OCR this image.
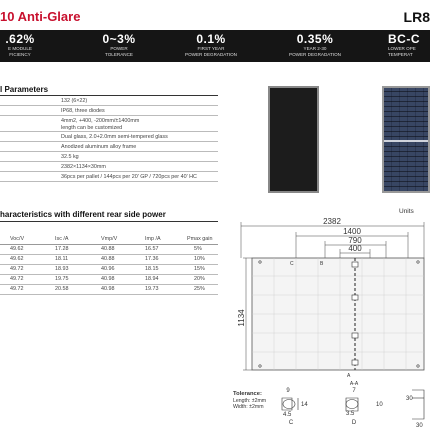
10 Anti-Glare	LR8
.62%
E MODULE
FICIENCY
0~3%
POWER
TOLERANCE
0.1%
FIRST YEAR
POWER DEGRADATION
0.35%
YEAR 2-30
POWER DEGRADATION
BC-C
LOWER OPE
TEMPERAT
l Parameters
132 (6×22)
IP68, three diodes
4mm2, +400, -200mm/±1400mm
length can be customized
Dual glass, 2.0+2.0mm semi-tempered glass
Anodized aluminum alloy frame
32.5 kg
2382×1134×30mm
36pcs per pallet / 144pcs per 20' GP / 720pcs per 40' HC
haracteristics with different rear side power
Voc/V	Isc /A	Vmp/V	Imp /A	Pmax gain
49.62	17.28	40.88	16.57	5%
49.62	18.11	40.88	17.36	10%
49.72	18.93	40.96	18.15	15%
49.72	19.75	40.98	18.94	20%
49.72	20.58	40.98	19.73	25%
Units
2382
1400
790
400
1134
C	B
A
A-A
9
14
4.5
C
7
10
3.5
D
30
30
Tolerance:
Length: ±2mm
Width: ±2mm
